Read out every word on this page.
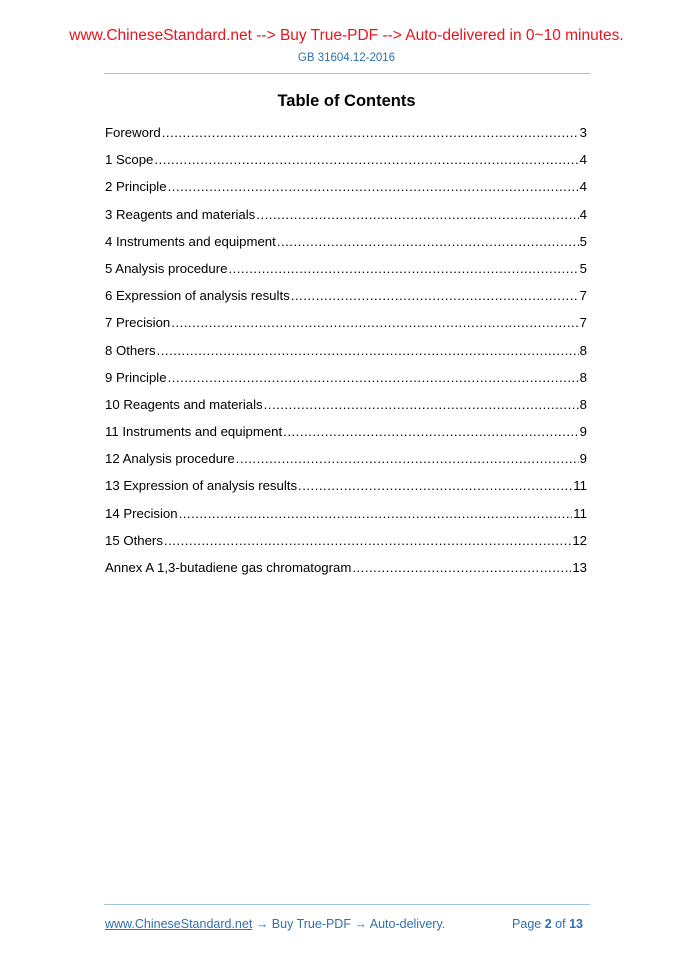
www.ChineseStandard.net --> Buy True-PDF --> Auto-delivered in 0~10 minutes.
GB 31604.12-2016
Table of Contents
Foreword .....	3
1 Scope .....	4
2 Principle .....	4
3 Reagents and materials .....	4
4 Instruments and equipment .....	5
5 Analysis procedure .....	5
6 Expression of analysis results .....	7
7 Precision .....	7
8 Others .....	8
9 Principle .....	8
10 Reagents and materials .....	8
11 Instruments and equipment .....	9
12 Analysis procedure .....	9
13 Expression of analysis results .....	11
14 Precision .....	11
15 Others .....	12
Annex A 1,3-butadiene gas chromatogram .....	13
www.ChineseStandard.net → Buy True-PDF → Auto-delivery.	Page 2 of 13
